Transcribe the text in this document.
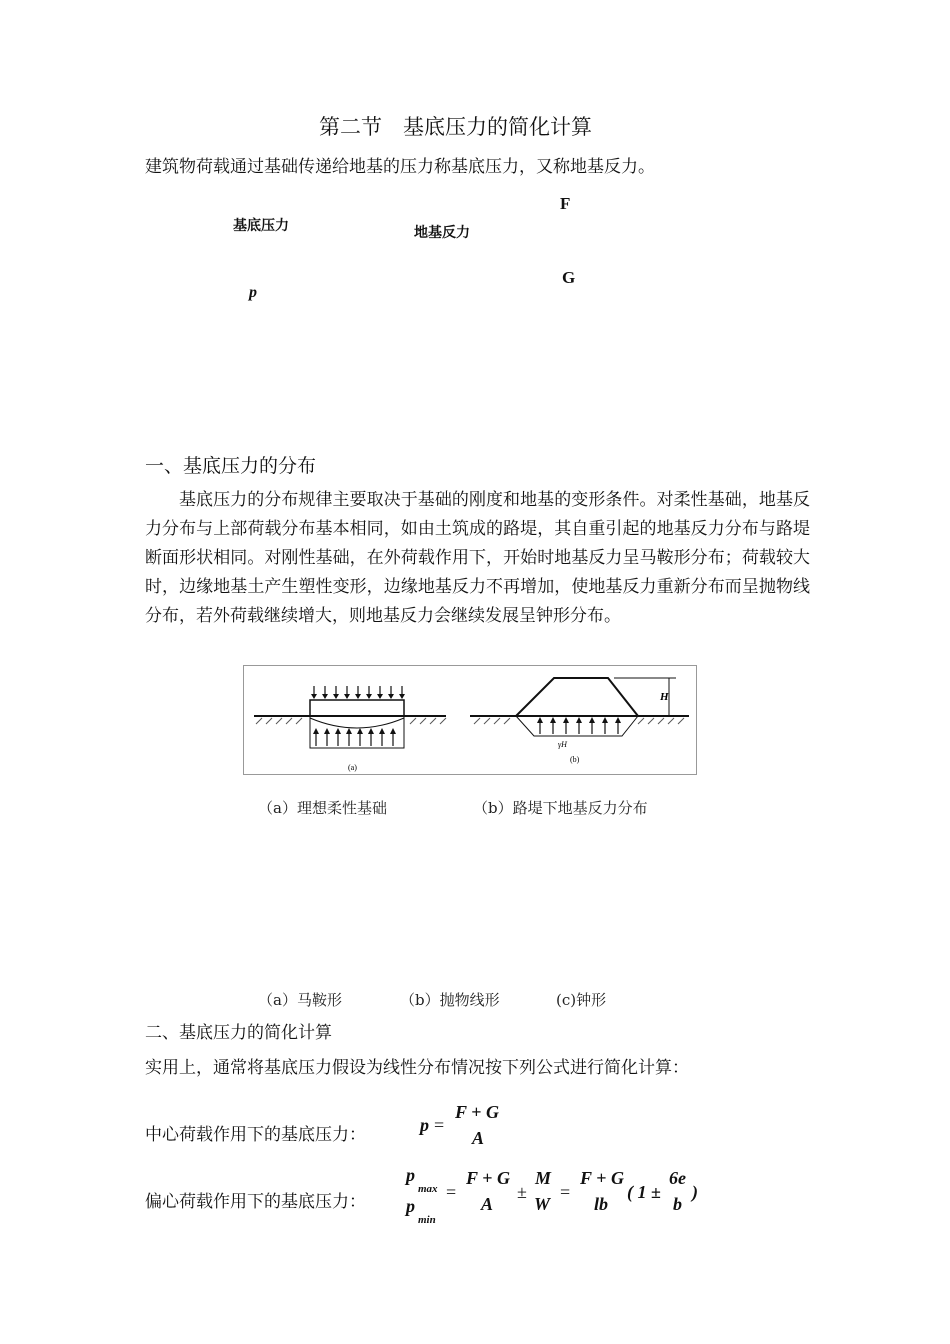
第二节　基底压力的简化计算
建筑物荷载通过基础传递给地基的压力称基底压力，又称地基反力。
基底压力	地基反力
F
G
p
一、基底压力的分布
基底压力的分布规律主要取决于基础的刚度和地基的变形条件。对柔性基础，地基反力分布与上部荷载分布基本相同，如由土筑成的路堤，其自重引起的地基反力分布与路堤断面形状相同。对刚性基础，在外荷载作用下，开始时地基反力呈马鞍形分布；荷载较大时，边缘地基土产生塑性变形，边缘地基反力不再增加，使地基反力重新分布而呈抛物线分布，若外荷载继续增大，则地基反力会继续发展呈钟形分布。
(a)
H
γH
(b)
（a）理想柔性基础	（b）路堤下地基反力分布
（a）马鞍形	（b）抛物线形	(c)钟形
二、基底压力的简化计算
实用上，通常将基底压力假设为线性分布情况按下列公式进行简化计算：
中心荷载作用下的基底压力：	p =
F + G
A
偏心荷载作用下的基底压力：
p
max
p
min
=
F + G
A
±
M
W
=
F + G
lb
( 1 ±
6e
b
)
